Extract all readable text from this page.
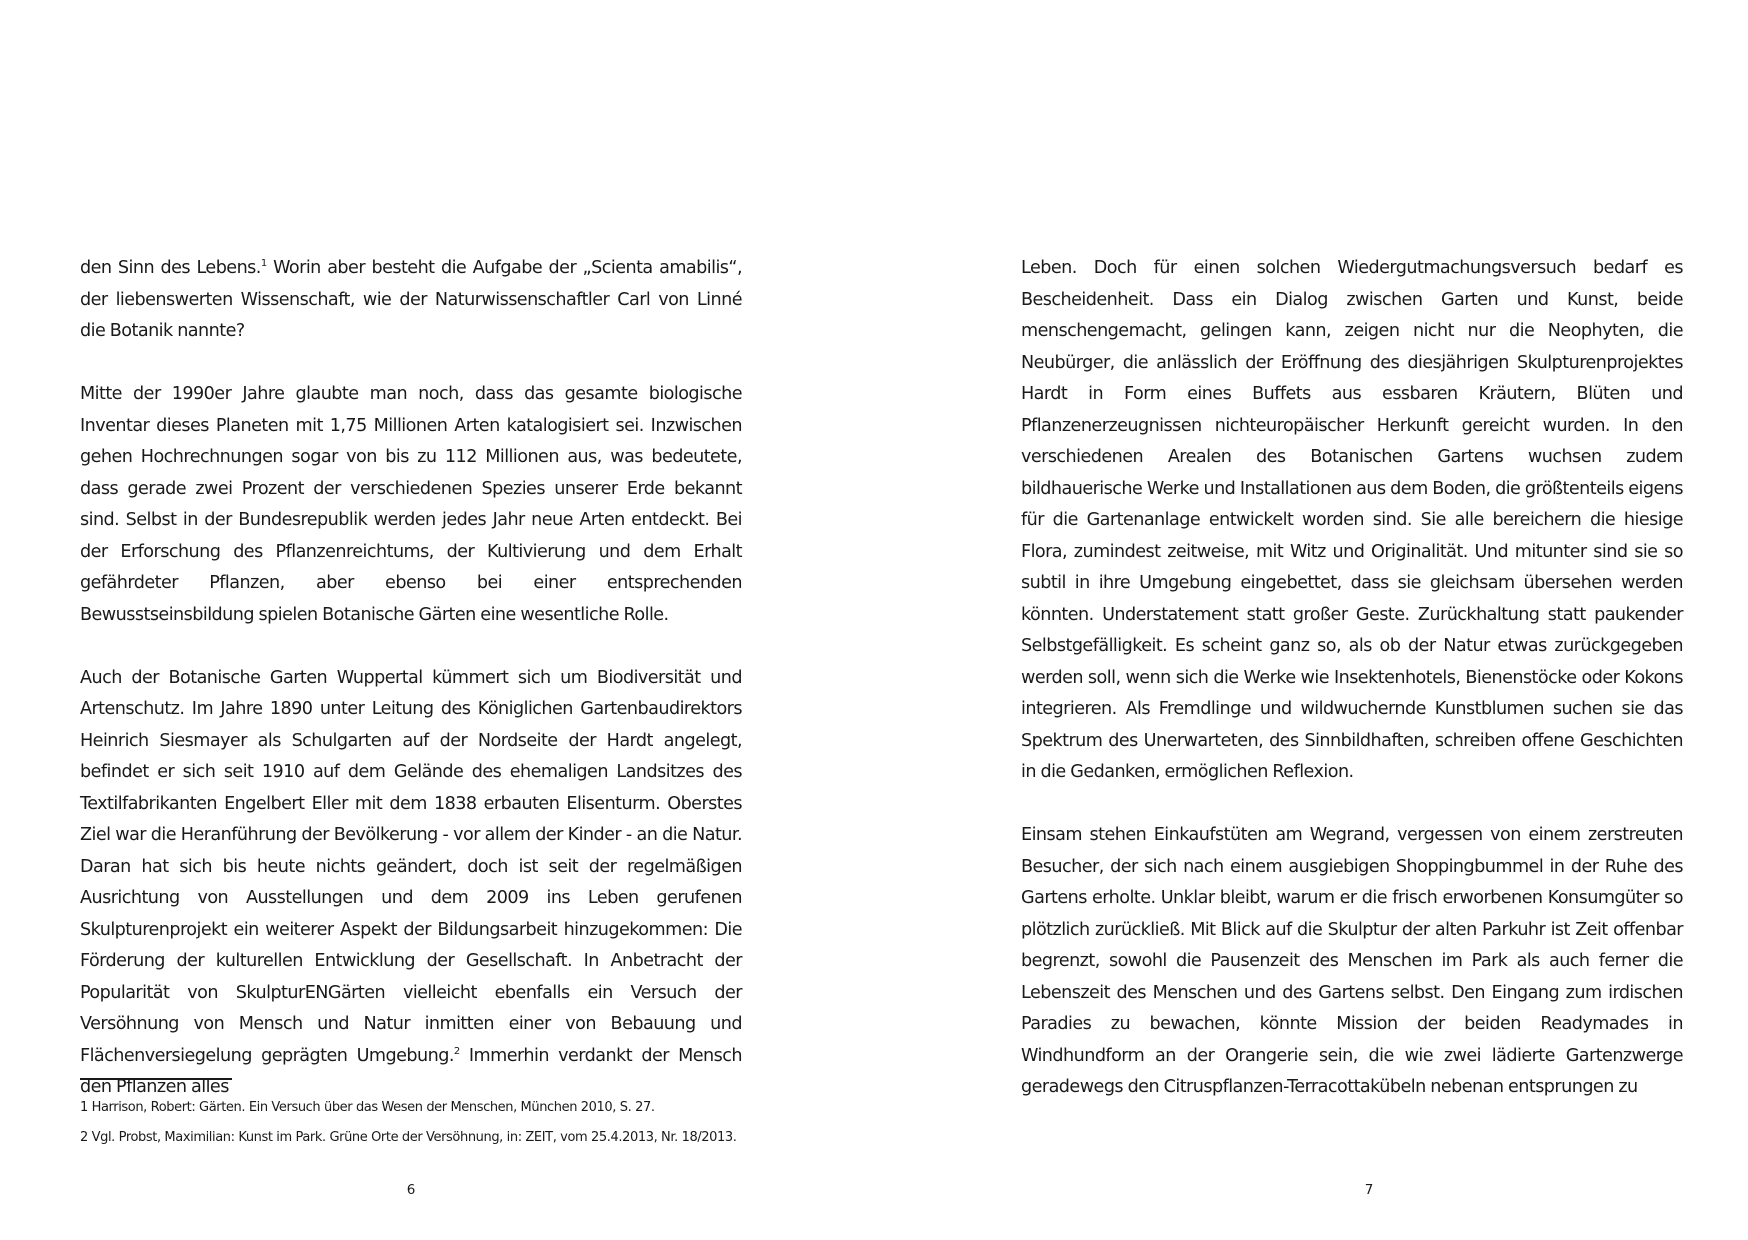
den Sinn des Lebens.$^1$ Worin aber besteht die Aufgabe der „Scienta amabilis“, der liebenswerten Wissenschaft, wie der Naturwissenschaftler Carl von Linné die Botanik nannte?

Mitte der 1990er Jahre glaubte man noch, dass das gesamte biologische Inventar dieses Planeten mit 1,75 Millionen Arten katalogisiert sei. Inzwischen gehen Hochrechnungen sogar von bis zu 112 Millionen aus, was bedeutete, dass gerade zwei Prozent der verschiedenen Spezies unserer Erde bekannt sind. Selbst in der Bundesrepublik werden jedes Jahr neue Arten entdeckt. Bei der Erforschung des Pflanzenreichtums, der Kultivierung und dem Erhalt gefährdeter Pflanzen, aber ebenso bei einer entsprechenden Bewusstseinsbildung spielen Botanische Gärten eine wesentliche Rolle.

Auch der Botanische Garten Wuppertal kümmert sich um Biodiversität und Artenschutz. Im Jahre 1890 unter Leitung des Königlichen Gartenbaudirektors Heinrich Siesmayer als Schulgarten auf der Nordseite der Hardt angelegt, befindet er sich seit 1910 auf dem Gelände des ehemaligen Landsitzes des Textilfabrikanten Engelbert Eller mit dem 1838 erbauten Elisenturm. Oberstes Ziel war die Heranführung der Bevölkerung - vor allem der Kinder - an die Natur. Daran hat sich bis heute nichts geändert, doch ist seit der regelmäßigen Ausrichtung von Ausstellungen und dem 2009 ins Leben gerufenen Skulpturenprojekt ein weiterer Aspekt der Bildungsarbeit hinzugekommen: Die Förderung der kulturellen Entwicklung der Gesellschaft. In Anbetracht der Popularität von SkulpturENGärten vielleicht ebenfalls ein Versuch der Versöhnung von Mensch und Natur inmitten einer von Bebauung und Flächenversiegelung geprägten Umgebung.$^2$ Immerhin verdankt der Mensch den Pflanzen alles

1 Harrison, Robert: Gärten. Ein Versuch über das Wesen der Menschen, München 2010, S. 27.

2 Vgl. Probst, Maximilian: Kunst im Park. Grüne Orte der Versöhnung, in: ZEIT, vom 25.4.2013, Nr. 18/2013.

6

Leben. Doch für einen solchen Wiedergutmachungsversuch bedarf es Bescheidenheit. Dass ein Dialog zwischen Garten und Kunst, beide menschengemacht, gelingen kann, zeigen nicht nur die Neophyten, die Neubürger, die anlässlich der Eröffnung des diesjährigen Skulpturenprojektes Hardt in Form eines Buffets aus essbaren Kräutern, Blüten und Pflanzenerzeugnissen nichteuropäischer Herkunft gereicht wurden. In den verschiedenen Arealen des Botanischen Gartens wuchsen zudem bildhauerische Werke und Installationen aus dem Boden, die größtenteils eigens für die Gartenanlage entwickelt worden sind. Sie alle bereichern die hiesige Flora, zumindest zeitweise, mit Witz und Originalität. Und mitunter sind sie so subtil in ihre Umgebung eingebettet, dass sie gleichsam übersehen werden könnten. Understatement statt großer Geste. Zurückhaltung statt paukender Selbstgefälligkeit. Es scheint ganz so, als ob der Natur etwas zurückgegeben werden soll, wenn sich die Werke wie Insektenhotels, Bienenstöcke oder Kokons integrieren. Als Fremdlinge und wildwuchernde Kunstblumen suchen sie das Spektrum des Unerwarteten, des Sinnbildhaften, schreiben offene Geschichten in die Gedanken, ermöglichen Reflexion.

Einsam stehen Einkaufstüten am Wegrand, vergessen von einem zerstreuten Besucher, der sich nach einem ausgiebigen Shoppingbummel in der Ruhe des Gartens erholte. Unklar bleibt, warum er die frisch erworbenen Konsumgüter so plötzlich zurückließ. Mit Blick auf die Skulptur der alten Parkuhr ist Zeit offenbar begrenzt, sowohl die Pausenzeit des Menschen im Park als auch ferner die Lebenszeit des Menschen und des Gartens selbst. Den Eingang zum irdischen Paradies zu bewachen, könnte Mission der beiden Readymades in Windhundform an der Orangerie sein, die wie zwei lädierte Gartenzwerge geradewegs den Citruspflanzen-Terracottakübeln nebenan entsprungen zu

7
